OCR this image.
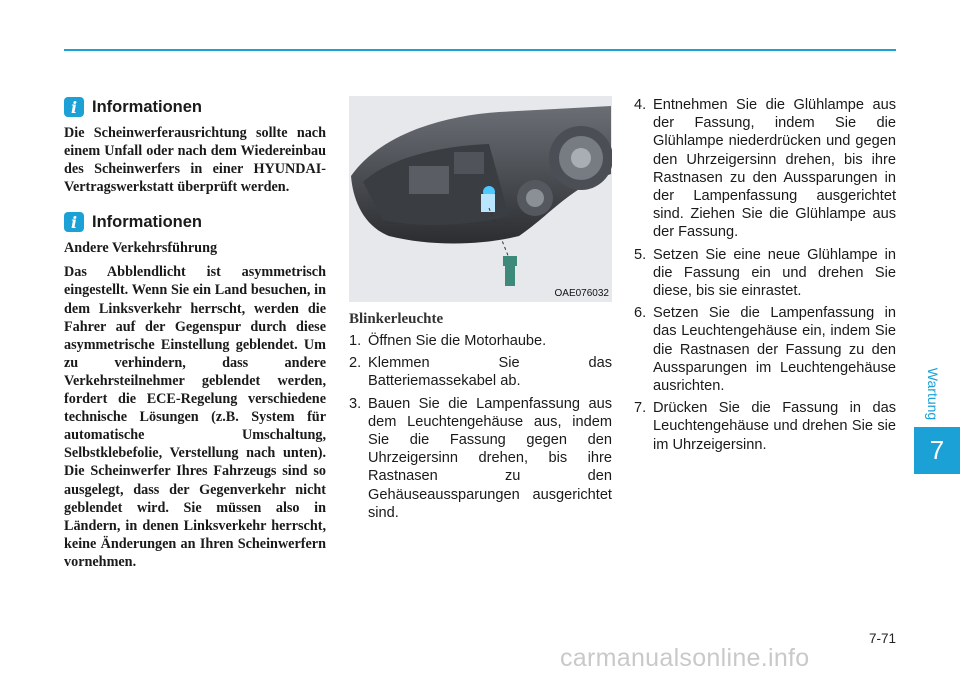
i Informationen

Die Scheinwerferausrichtung sollte nach einem Unfall oder nach dem Wiedereinbau des Scheinwerfers in einer HYUNDAI-Vertragswerkstatt überprüft werden.

i Informationen

Andere Verkehrsführung

Das Abblendlicht ist asymmetrisch eingestellt. Wenn Sie ein Land besuchen, in dem Linksverkehr herrscht, werden die Fahrer auf der Gegenspur durch diese asymmetrische Einstellung geblendet. Um zu verhindern, dass andere Verkehrsteilnehmer geblendet werden, fordert die ECE-Regelung verschiedene technische Lösungen (z.B. System für automatische Umschaltung, Selbstklebefolie, Verstellung nach unten). Die Scheinwerfer Ihres Fahrzeugs sind so ausgelegt, dass der Gegenverkehr nicht geblendet wird. Sie müssen also in Ländern, in denen Linksverkehr herrscht, keine Änderungen an Ihren Scheinwerfern vornehmen.

OAE076032
Blinkerleuchte
1. Öffnen Sie die Motorhaube.
2. Klemmen Sie das Batteriemassekabel ab.
3. Bauen Sie die Lampenfassung aus dem Leuchtengehäuse aus, indem Sie die Fassung gegen den Uhrzeigersinn drehen, bis ihre Rastnasen zu den Gehäuseaussparungen ausgerichtet sind.
4. Entnehmen Sie die Glühlampe aus der Fassung, indem Sie die Glühlampe niederdrücken und gegen den Uhrzeigersinn drehen, bis ihre Rastnasen zu den Aussparungen in der Lampenfassung ausgerichtet sind. Ziehen Sie die Glühlampe aus der Fassung.
5. Setzen Sie eine neue Glühlampe in die Fassung ein und drehen Sie diese, bis sie einrastet.
6. Setzen Sie die Lampenfassung in das Leuchtengehäuse ein, indem Sie die Rastnasen der Fassung zu den Aussparungen im Leuchtengehäuse ausrichten.
7. Drücken Sie die Fassung in das Leuchtengehäuse und drehen Sie sie im Uhrzeigersinn.
Wartung
7
7-71
carmanualsonline.info
